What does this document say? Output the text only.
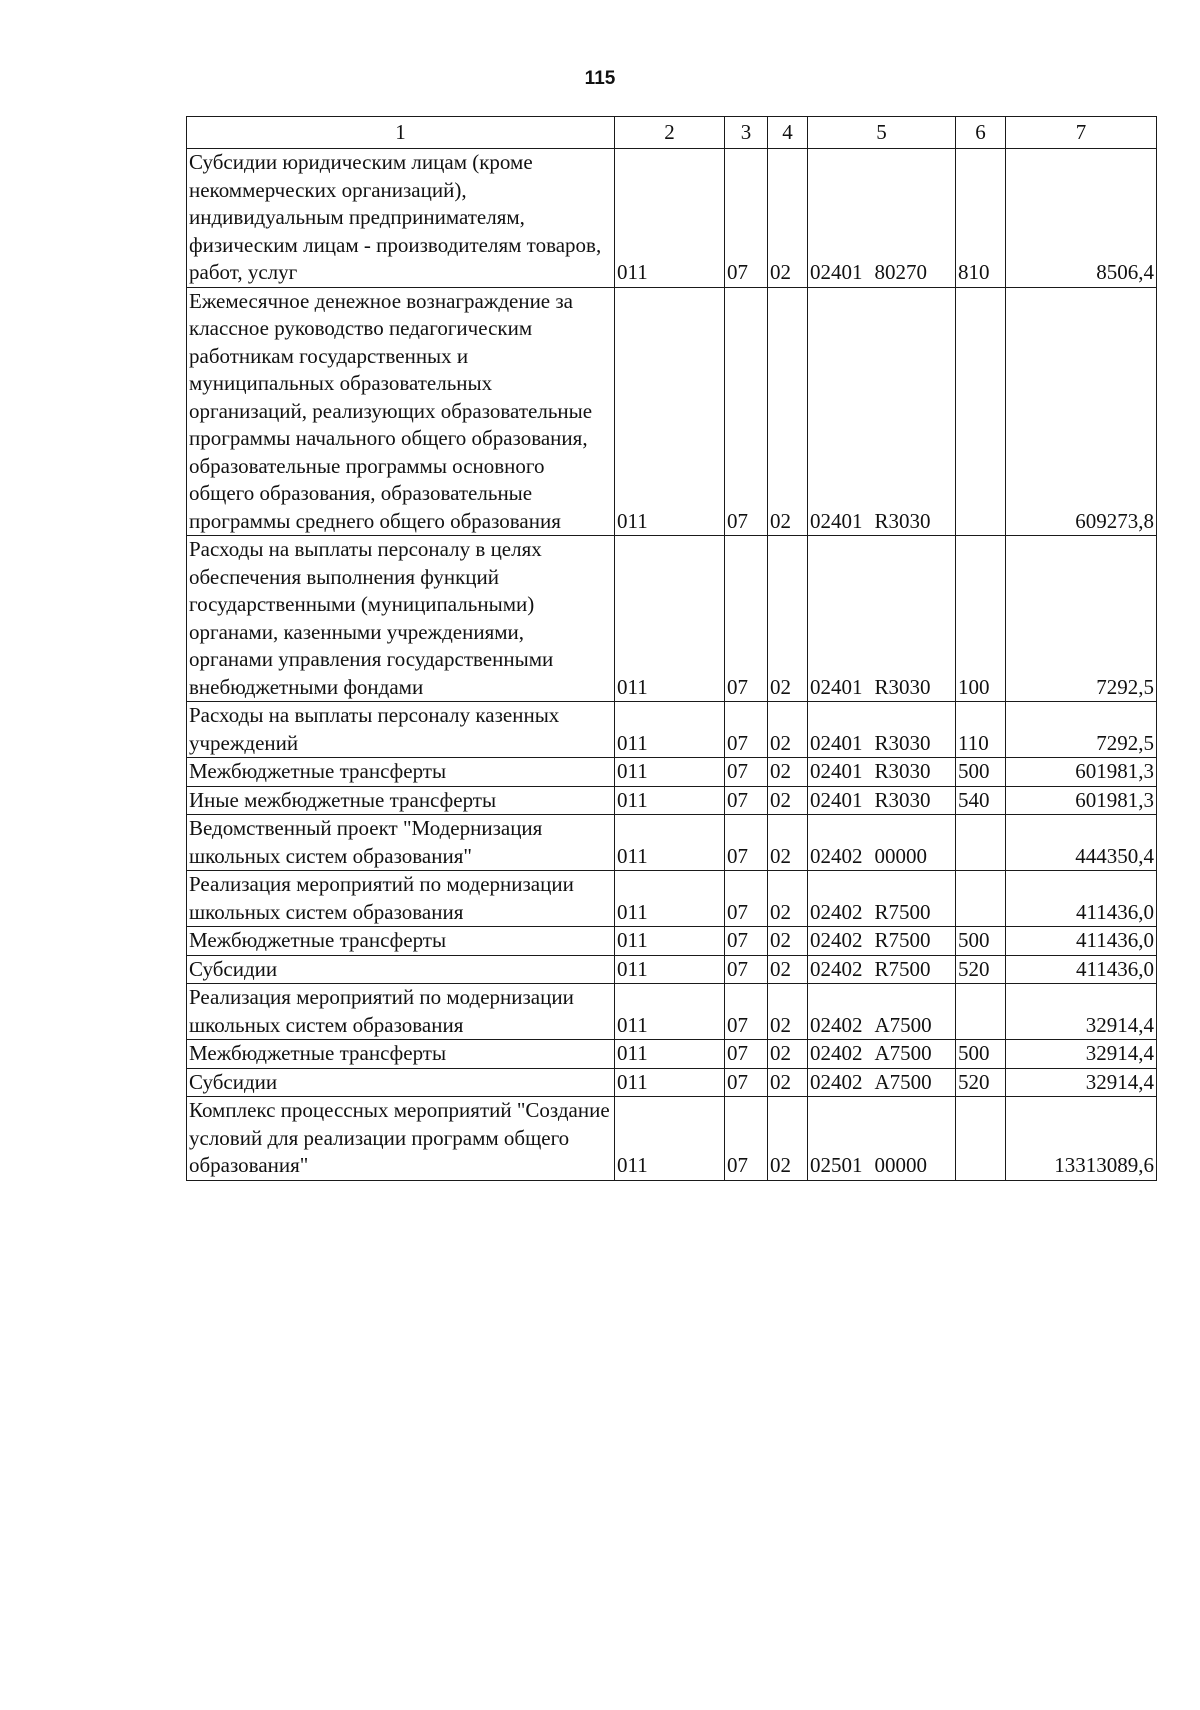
115
1	2	3	4	5	6	7
Субсидии юридическим лицам (кроме некоммерческих организаций), индивидуальным предпринимателям, физическим лицам - производителям товаров, работ, услуг	011	07	02	02401 80270	810	8506,4
Ежемесячное денежное вознаграждение за классное руководство педагогическим работникам государственных и муниципальных образовательных организаций, реализующих образовательные программы начального общего образования, образовательные программы основного общего образования, образовательные программы среднего общего образования	011	07	02	02401 R3030		609273,8
Расходы на выплаты персоналу в целях обеспечения выполнения функций государственными (муниципальными) органами, казенными учреждениями, органами управления государственными внебюджетными фондами	011	07	02	02401 R3030	100	7292,5
Расходы на выплаты персоналу казенных учреждений	011	07	02	02401 R3030	110	7292,5
Межбюджетные трансферты	011	07	02	02401 R3030	500	601981,3
Иные межбюджетные трансферты	011	07	02	02401 R3030	540	601981,3
Ведомственный проект "Модернизация школьных систем образования"	011	07	02	02402 00000		444350,4
Реализация мероприятий по модернизации школьных систем образования	011	07	02	02402 R7500		411436,0
Межбюджетные трансферты	011	07	02	02402 R7500	500	411436,0
Субсидии	011	07	02	02402 R7500	520	411436,0
Реализация мероприятий по модернизации школьных систем образования	011	07	02	02402 A7500		32914,4
Межбюджетные трансферты	011	07	02	02402 A7500	500	32914,4
Субсидии	011	07	02	02402 A7500	520	32914,4
Комплекс процессных мероприятий "Создание условий для реализации программ общего образования"	011	07	02	02501 00000		13313089,6
